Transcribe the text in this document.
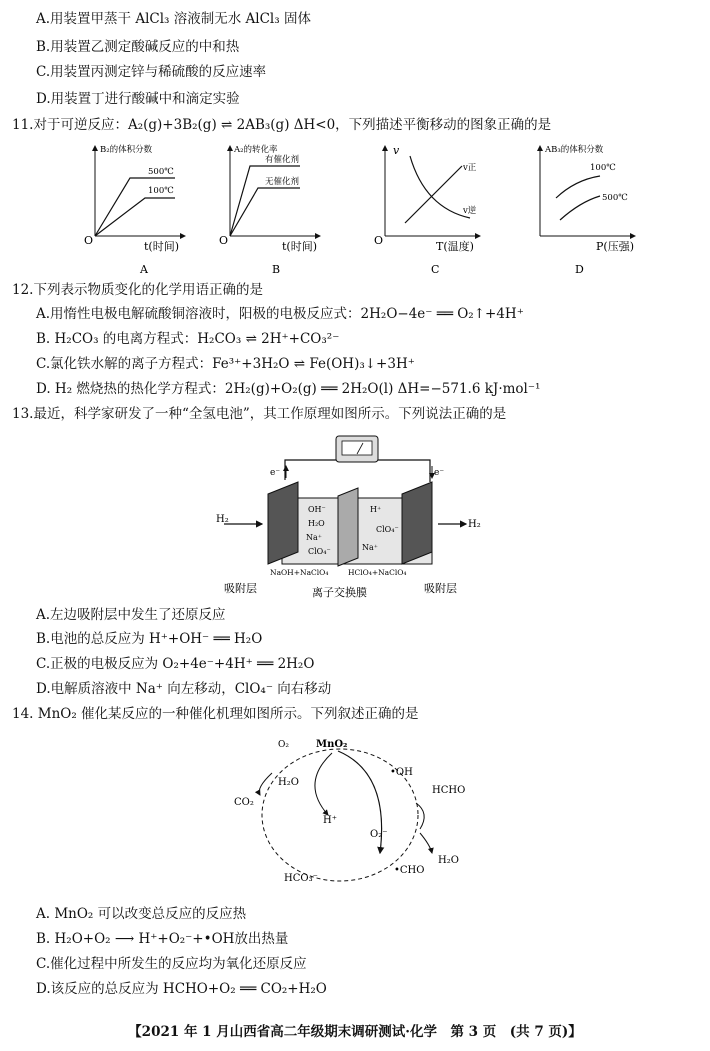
A.用装置甲蒸干 AlCl₃ 溶液制无水 AlCl₃ 固体
B.用装置乙测定酸碱反应的中和热
C.用装置丙测定锌与稀硫酸的反应速率
D.用装置丁进行酸碱中和滴定实验
11.对于可逆反应：A₂(g)+3B₂(g) ⇌ 2AB₃(g) ΔH<0，下列描述平衡移动的图象正确的是
B₂的体积分数
500℃
100℃
t(时间)
O
A
A₂的转化率
有催化剂
无催化剂
t(时间)
O
B
v
v正
v逆
T(温度)
O
C
AB₃的体积分数
100℃
500℃
P(压强)
D
12.下列表示物质变化的化学用语正确的是
A.用惰性电极电解硫酸铜溶液时，阳极的电极反应式：2H₂O−4e⁻ ══ O₂↑+4H⁺
B. H₂CO₃ 的电离方程式：H₂CO₃ ⇌ 2H⁺+CO₃²⁻
C.氯化铁水解的离子方程式：Fe³⁺+3H₂O ⇌ Fe(OH)₃↓+3H⁺
D. H₂ 燃烧热的热化学方程式：2H₂(g)+O₂(g) ══ 2H₂O(l) ΔH=−571.6 kJ·mol⁻¹
13.最近，科学家研发了一种“全氢电池”，其工作原理如图所示。下列说法正确的是
e⁻	e⁻
H₂	H₂
OH⁻
H₂O
Na⁺
ClO₄⁻
H⁺
ClO₄⁻
Na⁺
NaOH+NaClO₄	HClO₄+NaClO₄
吸附层	离子交换膜	吸附层
A.左边吸附层中发生了还原反应
B.电池的总反应为 H⁺+OH⁻ ══ H₂O
C.正极的电极反应为 O₂+4e⁻+4H⁺ ══ 2H₂O
D.电解质溶液中 Na⁺ 向左移动，ClO₄⁻ 向右移动
14. MnO₂ 催化某反应的一种催化机理如图所示。下列叙述正确的是
O₂	MnO₂
•OH
HCHO
H₂O
CO₂
H⁺
O₂⁻
•CHO
H₂O
HCO₃⁻
A. MnO₂ 可以改变总反应的反应热
B. H₂O+O₂ ⟶ H⁺+O₂⁻+•OH放出热量
C.催化过程中所发生的反应均为氧化还原反应
D.该反应的总反应为 HCHO+O₂ ══ CO₂+H₂O
【2021 年 1 月山西省高二年级期末调研测试·化学　第 3 页　(共 7 页)】
